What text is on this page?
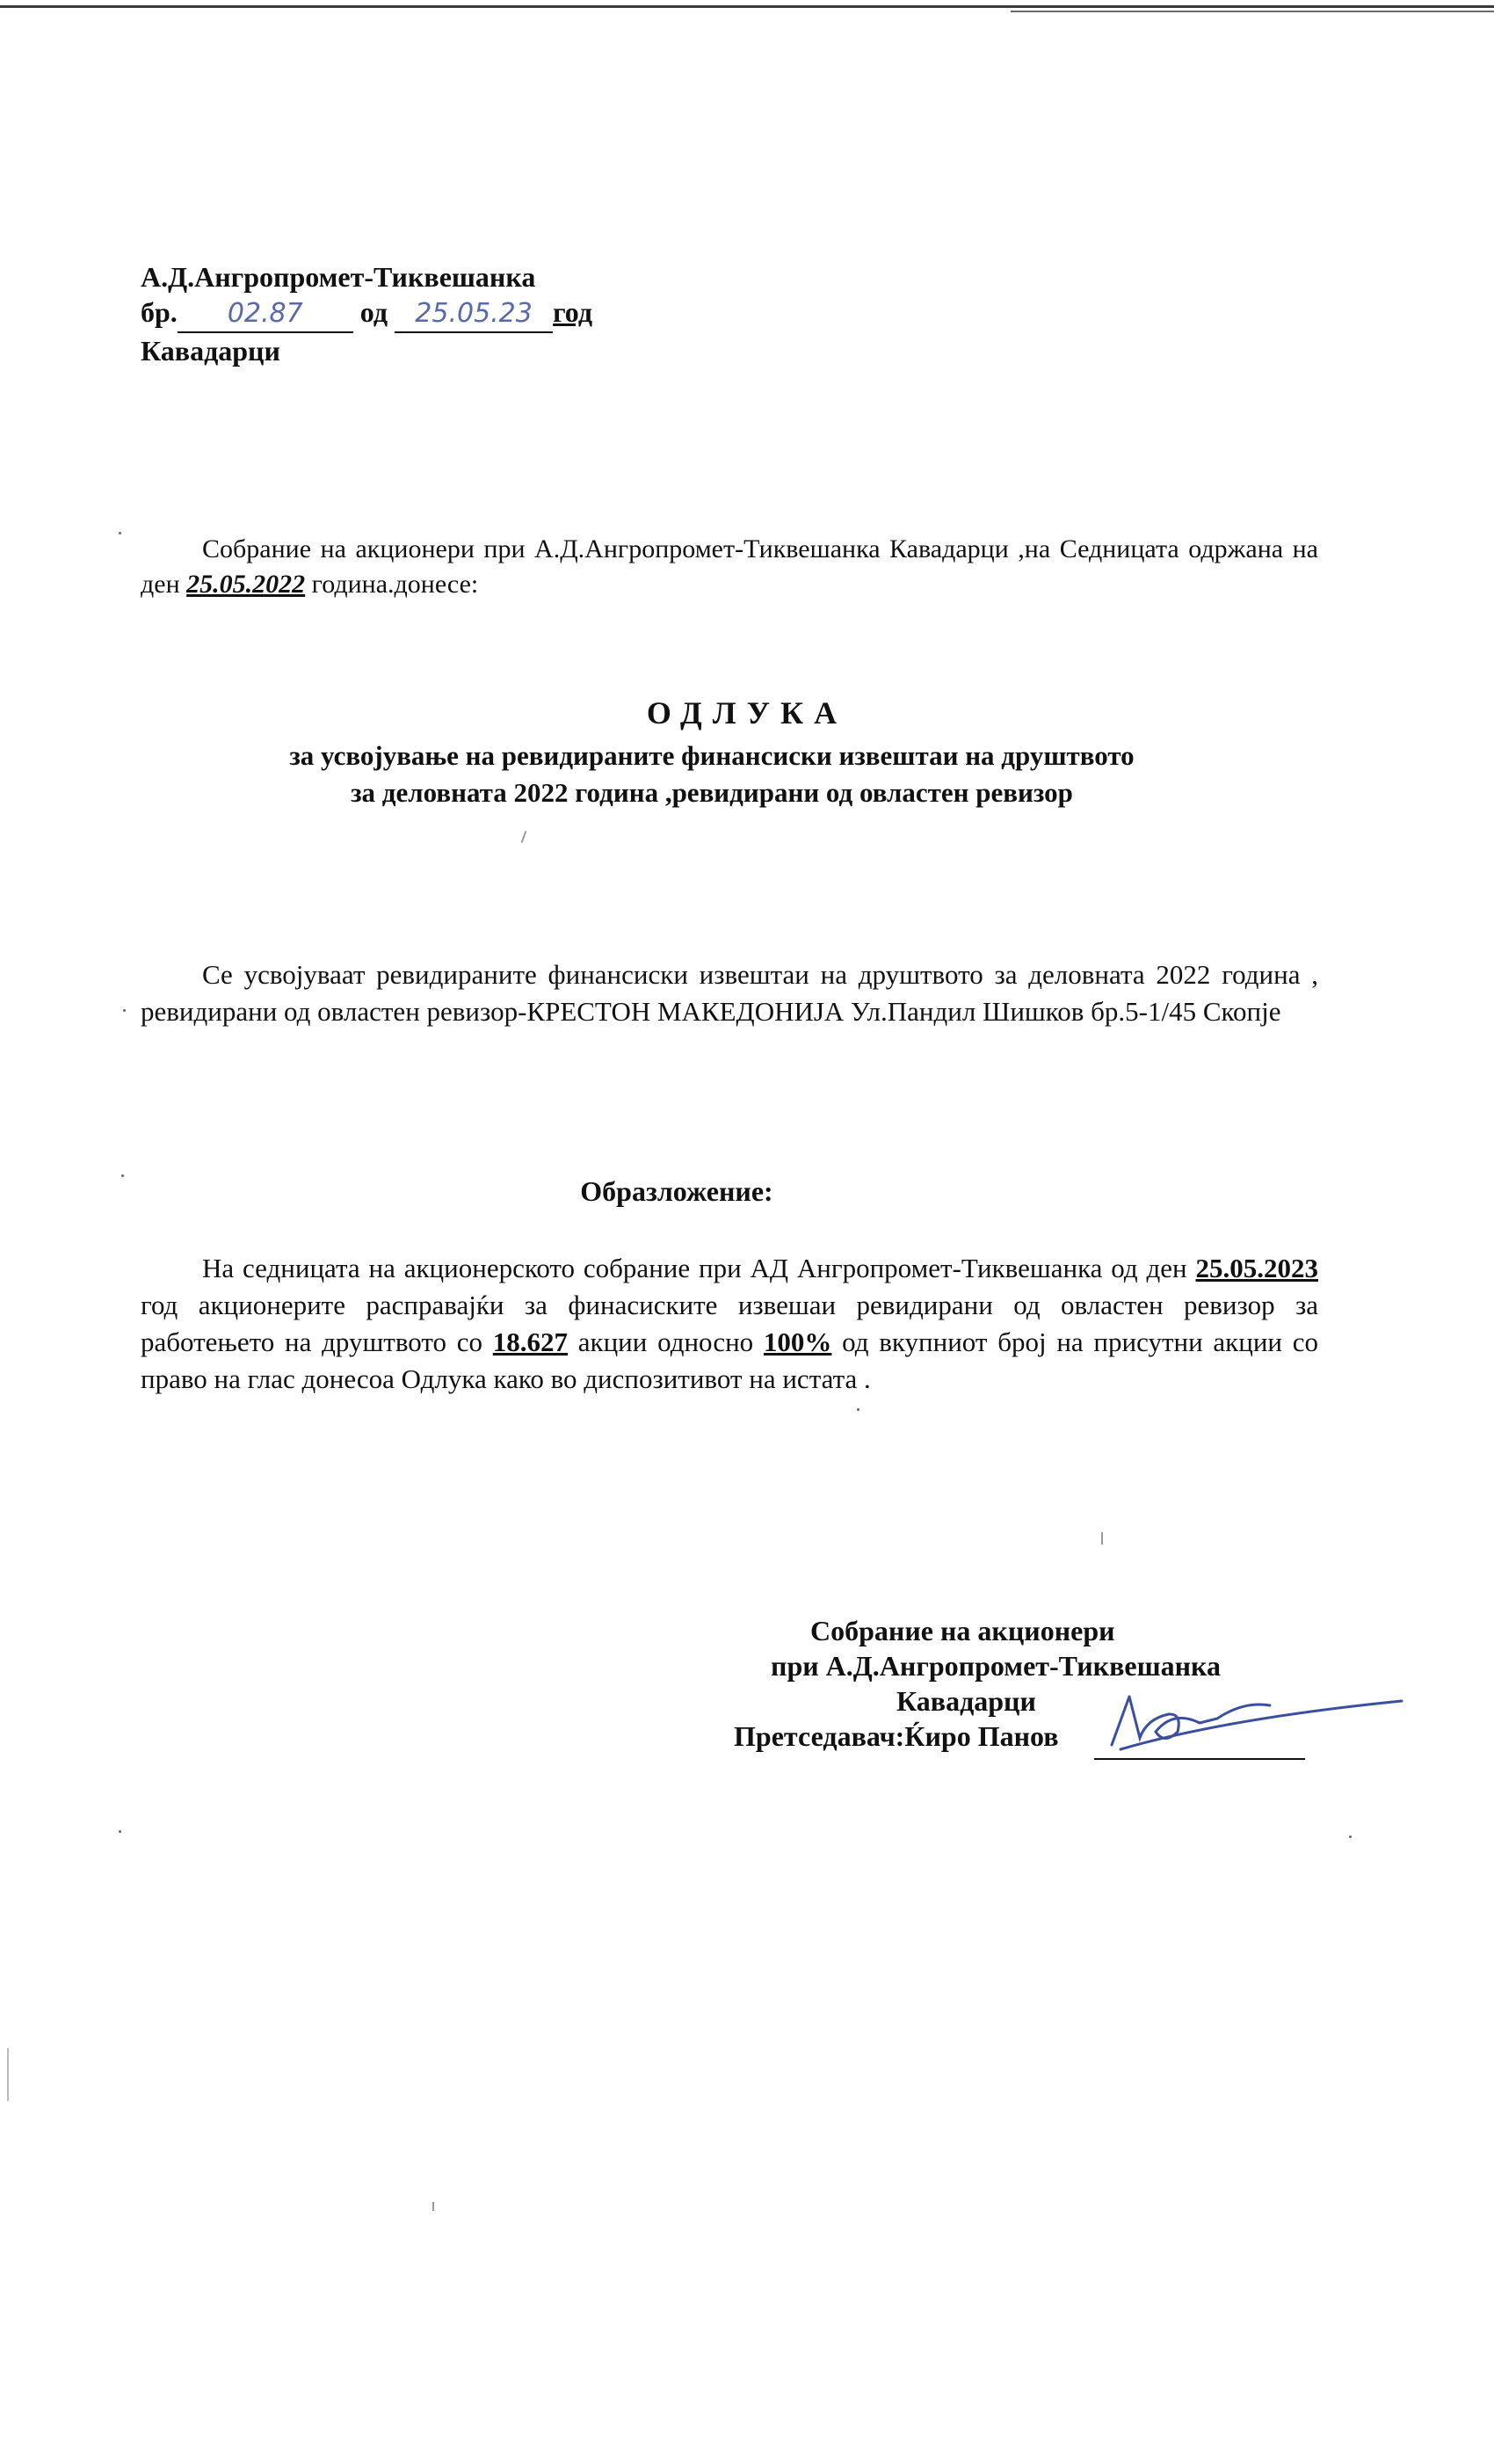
А.Д.Ангропромет-Тиквешанка
бр. 02.87 од 25.05.23 год
Кавадарци
Собрание на акционери при А.Д.Ангропромет-Тиквешанка Кавадарци ,на Седницата одржана на ден 25.05.2022 година.донесе:
ОДЛУКА
за усвојување на ревидираните финансиски извештаи на друштвото
за деловната 2022 година ,ревидирани од овластен ревизор
Се усвојуваат ревидираните финансиски извештаи на друштвото за деловната 2022 година , ревидирани од овластен ревизор-КРЕСТОН МАКЕДОНИЈА Ул.Пандил Шишков бр.5-1/45 Скопје
Образложение:
На седницата на акционерското собрание при АД Ангропромет-Тиквешанка од ден 25.05.2023 год акционерите расправајќи за финасиските извешаи ревидирани од овластен ревизор за работењето на друштвото со 18.627 акции односно 100% од вкупниот број на присутни акции со право на глас донесоа Одлука како во диспозитивот на истата .
Собрание на акционери
при А.Д.Ангропромет-Тиквешанка
Кавадарци
Претседавач:Ќиро Панов
